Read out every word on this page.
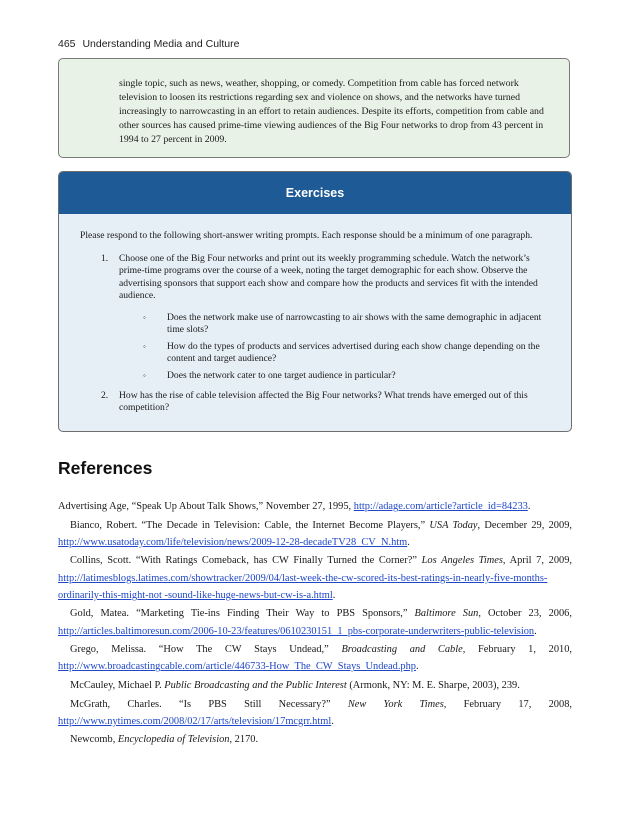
465 Understanding Media and Culture

single topic, such as news, weather, shopping, or comedy. Competition from cable has forced network television to loosen its restrictions regarding sex and violence on shows, and the networks have turned increasingly to narrowcasting in an effort to retain audiences. Despite its efforts, competition from cable and other sources has caused prime-time viewing audiences of the Big Four networks to drop from 43 percent in 1994 to 27 percent in 2009.

Exercises
Please respond to the following short-answer writing prompts. Each response should be a minimum of one paragraph.
1. Choose one of the Big Four networks and print out its weekly programming schedule. Watch the network’s prime-time programs over the course of a week, noting the target demographic for each show. Observe the advertising sponsors that support each show and compare how the products and services fit with the intended audience.
◦ Does the network make use of narrowcasting to air shows with the same demographic in adjacent time slots?
◦ How do the types of products and services advertised during each show change depending on the content and target audience?
◦ Does the network cater to one target audience in particular?
2. How has the rise of cable television affected the Big Four networks? What trends have emerged out of this competition?
References

Advertising Age, “Speak Up About Talk Shows,” November 27, 1995, http://adage.com/article?article_id=84233.

Bianco, Robert. “The Decade in Television: Cable, the Internet Become Players,” USA Today, December 29, 2009, http://www.usatoday.com/life/television/news/2009-12-28-decadeTV28_CV_N.htm.

Collins, Scott. “With Ratings Comeback, has CW Finally Turned the Corner?” Los Angeles Times, April 7, 2009, http://latimesblogs.latimes.com/showtracker/2009/04/last-week-the-cw-scored-its-best-ratings-in-nearly-five-months-ordinarily-this-might-not -sound-like-huge-news-but-cw-is-a.html.

Gold, Matea. “Marketing Tie-ins Finding Their Way to PBS Sponsors,” Baltimore Sun, October 23, 2006, http://articles.baltimoresun.com/2006-10-23/features/0610230151_1_pbs-corporate-underwriters-public-television.

Grego, Melissa. “How The CW Stays Undead,” Broadcasting and Cable, February 1, 2010, http://www.broadcastingcable.com/article/446733-How_The_CW_Stays_Undead.php.

McCauley, Michael P. Public Broadcasting and the Public Interest (Armonk, NY: M. E. Sharpe, 2003), 239.

McGrath, Charles. “Is PBS Still Necessary?” New York Times, February 17, 2008, http://www.nytimes.com/2008/02/17/arts/television/17mcgrr.html.

Newcomb, Encyclopedia of Television, 2170.
